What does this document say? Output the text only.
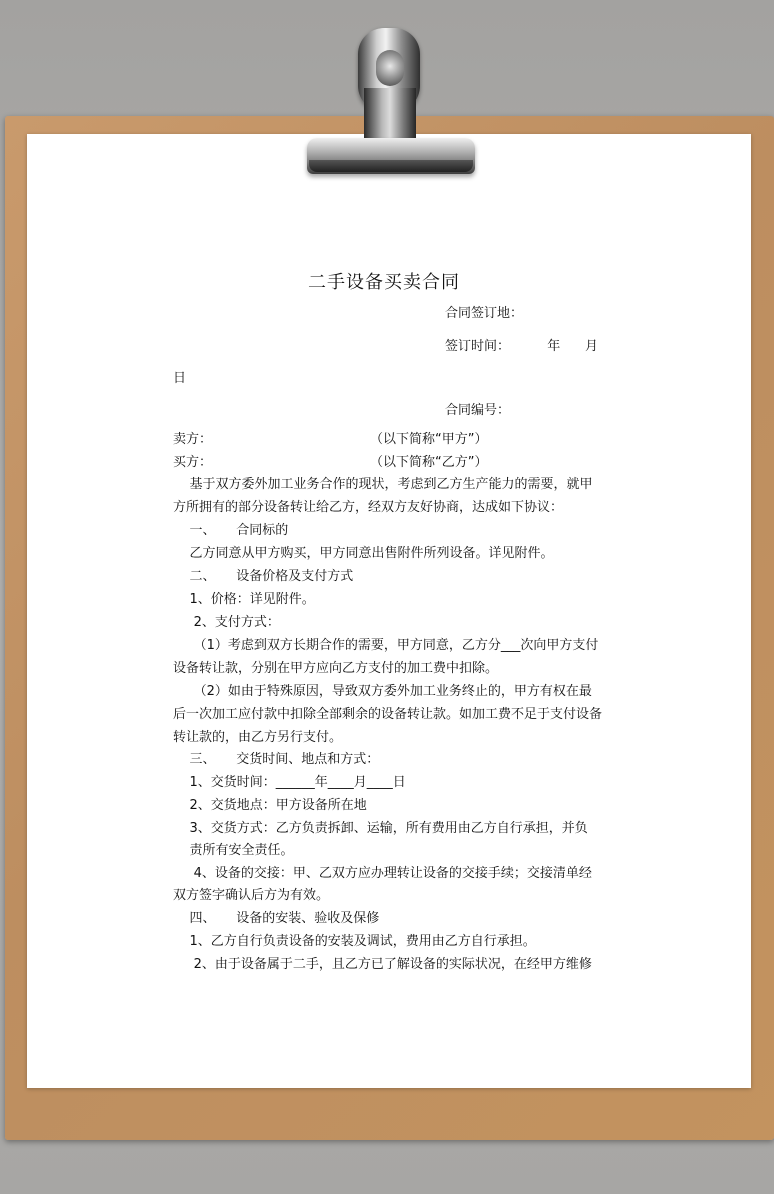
二手设备买卖合同
合同签订地：
签订时间：         年      月
日
合同编号：
卖方：	（以下简称“甲方”）
买方：	（以下简称“乙方”）
基于双方委外加工业务合作的现状，考虑到乙方生产能力的需要，就甲
方所拥有的部分设备转让给乙方，经双方友好协商，达成如下协议：
一、     合同标的
乙方同意从甲方购买，甲方同意出售附件所列设备。详见附件。
二、     设备价格及支付方式
1、价格：详见附件。
2、支付方式：
（1）考虑到双方长期合作的需要，甲方同意，乙方分___次向甲方支付
设备转让款，分别在甲方应向乙方支付的加工费中扣除。
（2）如由于特殊原因，导致双方委外加工业务终止的，甲方有权在最
后一次加工应付款中扣除全部剩余的设备转让款。如加工费不足于支付设备
转让款的，由乙方另行支付。
三、     交货时间、地点和方式：
1、交货时间：______年____月____日
2、交货地点：甲方设备所在地
3、交货方式：乙方负责拆卸、运输，所有费用由乙方自行承担，并负
责所有安全责任。
4、设备的交接：甲、乙双方应办理转让设备的交接手续；交接清单经
双方签字确认后方为有效。
四、     设备的安装、验收及保修
1、乙方自行负责设备的安装及调试，费用由乙方自行承担。
2、由于设备属于二手，且乙方已了解设备的实际状况，在经甲方维修
